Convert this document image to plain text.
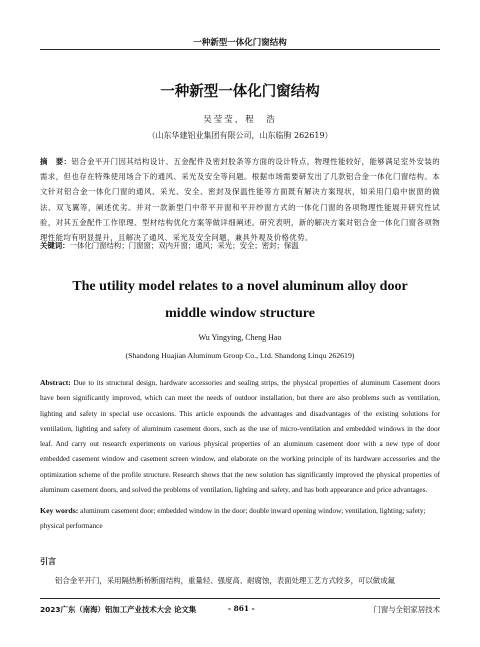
一种新型一体化门窗结构
一种新型一体化门窗结构
吴莹莹，程　浩
（山东华建铝业集团有限公司，山东临朐 262619）
摘　要：铝合金平开门因其结构设计、五金配件及密封胶条等方面的设计特点，物理性能较好，能够满足室外安装的需求，但也存在特殊使用场合下的通风、采光及安全等问题。根据市场需要研发出了几款铝合金一体化门窗结构。本文针对铝合金一体化门窗的通风、采光、安全、密封及保温性能等方面既有解决方案现状，如采用门扇中嵌窗的做法、双飞翼等，阐述优劣。并对一款新型门中带平开窗和平开纱窗方式的一体化门窗的各项物理性能展开研究性试验，对其五金配件工作原理、型材结构优化方案等做详细阐述。研究表明，新的解决方案对铝合金一体化门窗各项物理性能均有明显提升，且解决了通风、采光及安全问题，兼具外观及价格优势。
关键词：一体化门窗结构；门窗窗；双内开窗；通风；采光；安全；密封；保温
The utility model relates to a novel aluminum alloy door
middle window structure
Wu Yingying, Cheng Hao
(Shandong Huajian Aluminum Group Co., Ltd. Shandong Linqu 262619)
Abstract: Due to its structural design, hardware accessories and sealing strips, the physical properties of aluminum Casement doors have been significantly improved, which can meet the needs of outdoor installation, but there are also problems such as ventilation, lighting and safety in special use occasions. This article expounds the advantages and disadvantages of the existing solutions for ventilation, lighting and safety of aluminum casement doors, such as the use of micro-ventilation and embedded windows in the door leaf. And carry out research experiments on various physical properties of an aluminum casement door with a new type of door embedded casement window and casement screen window, and elaborate on the working principle of its hardware accessories and the optimization scheme of the profile structure. Research shows that the new solution has significantly improved the physical properties of aluminum casement doors, and solved the problems of ventilation, lighting and safety, and has both appearance and price advantages.
Key words: aluminum casement door; embedded window in the door; double inward opening window; ventilation, lighting; safety; physical performance
引言
铝合金平开门，采用隔热断桥断面结构，重量轻、强度高、耐腐蚀，表面处理工艺方式较多，可以做成氟
2023广东（南海）铝加工产业技术大会 论文集	- 861 -	门窗与全铝家居技术
